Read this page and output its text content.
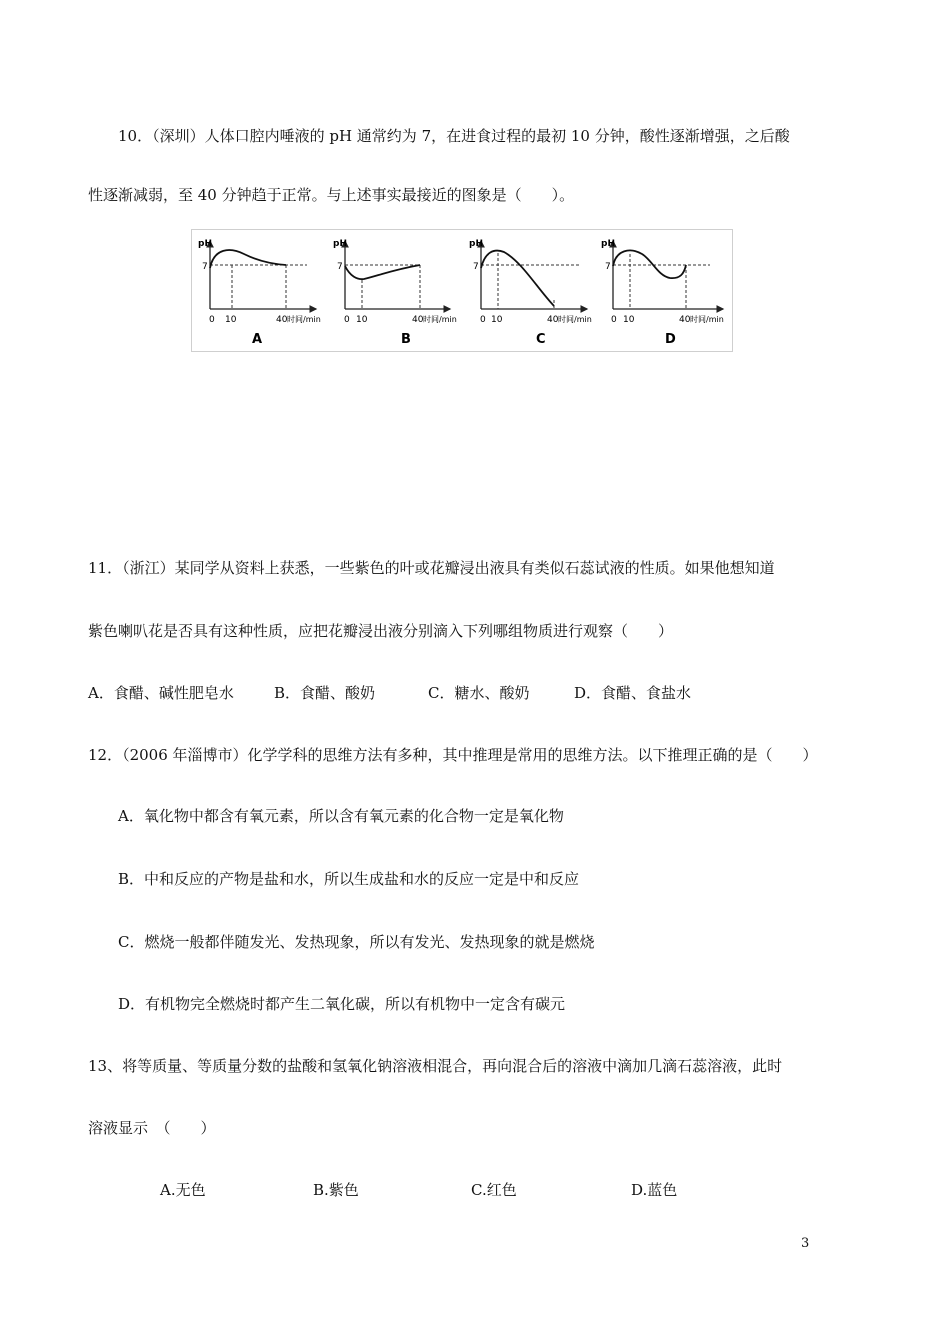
10．（深圳）人体口腔内唾液的 pH 通常约为 7，在进食过程的最初 10 分钟，酸性逐渐增强，之后酸
性逐渐减弱，至 40 分钟趋于正常。与上述事实最接近的图象是（　　）。
pH
7
0 10	40 时间/min
A
pH
7
0 10	40 时间/min
B
pH
7
0 10	40 时间/min
C
pH
7
0 10	40 时间/min
D
11．（浙江）某同学从资料上获悉，一些紫色的叶或花瓣浸出液具有类似石蕊试液的性质。如果他想知道
紫色喇叭花是否具有这种性质，应把花瓣浸出液分别滴入下列哪组物质进行观察（　　）
A．食醋、碱性肥皂水	B．食醋、酸奶	C．糖水、酸奶	D．食醋、食盐水
12．（2006 年淄博市）化学学科的思维方法有多种，其中推理是常用的思维方法。以下推理正确的是（　　）
A．氧化物中都含有氧元素，所以含有氧元素的化合物一定是氧化物
B．中和反应的产物是盐和水，所以生成盐和水的反应一定是中和反应
C．燃烧一般都伴随发光、发热现象，所以有发光、发热现象的就是燃烧
D．有机物完全燃烧时都产生二氧化碳，所以有机物中一定含有碳元
13、将等质量、等质量分数的盐酸和氢氧化钠溶液相混合，再向混合后的溶液中滴加几滴石蕊溶液，此时
溶液显示　（　　）
A.无色	B.紫色	C.红色	D.蓝色
3
